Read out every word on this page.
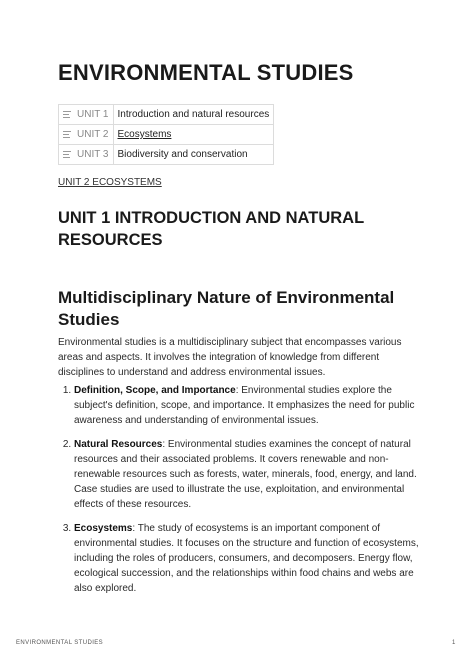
ENVIRONMENTAL STUDIES
UNIT 1	Introduction and natural resources

UNIT 2	Ecosystems

UNIT 3	Biodiversity and conservation
UNIT 2 ECOSYSTEMS
UNIT 1 INTRODUCTION AND NATURAL RESOURCES
Multidisciplinary Nature of Environmental Studies

Environmental studies is a multidisciplinary subject that encompasses various areas and aspects. It involves the integration of knowledge from different disciplines to understand and address environmental issues.

1. Definition, Scope, and Importance: Environmental studies explore the subject's definition, scope, and importance. It emphasizes the need for public awareness and understanding of environmental issues.
2. Natural Resources: Environmental studies examines the concept of natural resources and their associated problems. It covers renewable and non-renewable resources such as forests, water, minerals, food, energy, and land. Case studies are used to illustrate the use, exploitation, and environmental effects of these resources.
3. Ecosystems: The study of ecosystems is an important component of environmental studies. It focuses on the structure and function of ecosystems, including the roles of producers, consumers, and decomposers. Energy flow, ecological succession, and the relationships within food chains and webs are also explored.
ENVIRONMENTAL STUDIES	1
